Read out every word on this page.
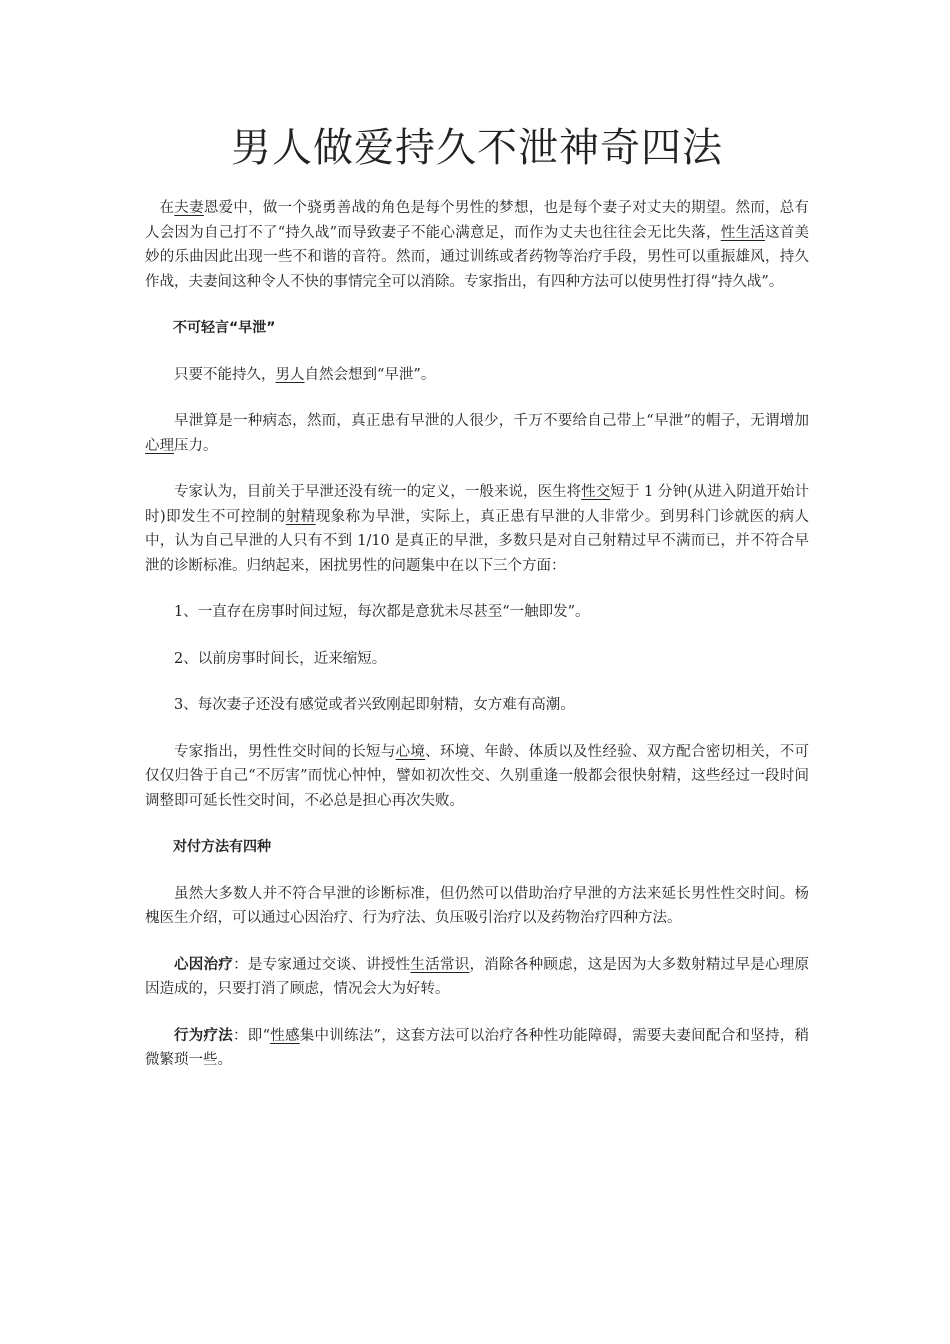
男人做爱持久不泄神奇四法

在夫妻恩爱中，做一个骁勇善战的角色是每个男性的梦想，也是每个妻子对丈夫的期望。然而，总有人会因为自己打不了“持久战”而导致妻子不能心满意足，而作为丈夫也往往会无比失落，性生活这首美妙的乐曲因此出现一些不和谐的音符。然而，通过训练或者药物等治疗手段，男性可以重振雄风，持久作战，夫妻间这种令人不快的事情完全可以消除。专家指出，有四种方法可以使男性打得“持久战”。

不可轻言“早泄”

只要不能持久，男人自然会想到“早泄”。

早泄算是一种病态，然而，真正患有早泄的人很少，千万不要给自己带上“早泄”的帽子，无谓增加心理压力。

专家认为，目前关于早泄还没有统一的定义，一般来说，医生将性交短于 1 分钟(从进入阴道开始计时)即发生不可控制的射精现象称为早泄，实际上，真正患有早泄的人非常少。到男科门诊就医的病人中，认为自己早泄的人只有不到 1/10 是真正的早泄，多数只是对自己射精过早不满而已，并不符合早泄的诊断标准。归纳起来，困扰男性的问题集中在以下三个方面：

1、一直存在房事时间过短，每次都是意犹未尽甚至“一触即发”。

2、以前房事时间长，近来缩短。

3、每次妻子还没有感觉或者兴致刚起即射精，女方难有高潮。

专家指出，男性性交时间的长短与心境、环境、年龄、体质以及性经验、双方配合密切相关，不可仅仅归咎于自己“不厉害”而忧心忡忡，譬如初次性交、久别重逢一般都会很快射精，这些经过一段时间调整即可延长性交时间，不必总是担心再次失败。

对付方法有四种

虽然大多数人并不符合早泄的诊断标准，但仍然可以借助治疗早泄的方法来延长男性性交时间。杨槐医生介绍，可以通过心因治疗、行为疗法、负压吸引治疗以及药物治疗四种方法。

心因治疗：是专家通过交谈、讲授性生活常识，消除各种顾虑，这是因为大多数射精过早是心理原因造成的，只要打消了顾虑，情况会大为好转。

行为疗法：即“性感集中训练法”，这套方法可以治疗各种性功能障碍，需要夫妻间配合和坚持，稍微繁琐一些。
